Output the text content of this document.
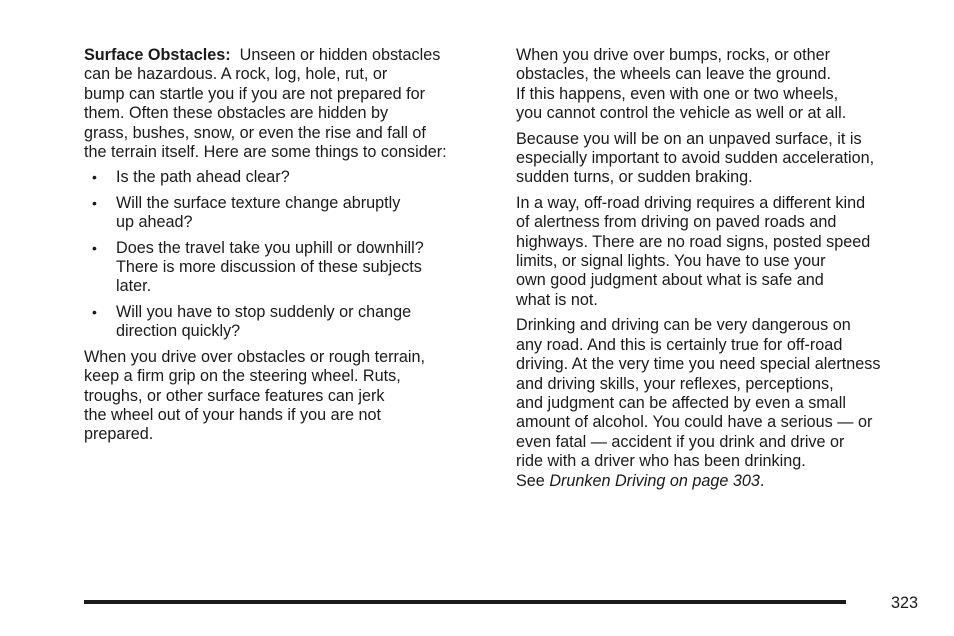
Surface Obstacles: Unseen or hidden obstacles
can be hazardous. A rock, log, hole, rut, or
bump can startle you if you are not prepared for
them. Often these obstacles are hidden by
grass, bushes, snow, or even the rise and fall of
the terrain itself. Here are some things to consider:

• Is the path ahead clear?
• Will the surface texture change abruptly
up ahead?
• Does the travel take you uphill or downhill?
There is more discussion of these subjects
later.
• Will you have to stop suddenly or change
direction quickly?

When you drive over obstacles or rough terrain,
keep a firm grip on the steering wheel. Ruts,
troughs, or other surface features can jerk
the wheel out of your hands if you are not
prepared.

When you drive over bumps, rocks, or other
obstacles, the wheels can leave the ground.
If this happens, even with one or two wheels,
you cannot control the vehicle as well or at all.

Because you will be on an unpaved surface, it is
especially important to avoid sudden acceleration,
sudden turns, or sudden braking.

In a way, off-road driving requires a different kind
of alertness from driving on paved roads and
highways. There are no road signs, posted speed
limits, or signal lights. You have to use your
own good judgment about what is safe and
what is not.

Drinking and driving can be very dangerous on
any road. And this is certainly true for off-road
driving. At the very time you need special alertness
and driving skills, your reflexes, perceptions,
and judgment can be affected by even a small
amount of alcohol. You could have a serious — or
even fatal — accident if you drink and drive or
ride with a driver who has been drinking.
See Drunken Driving on page 303.

323
